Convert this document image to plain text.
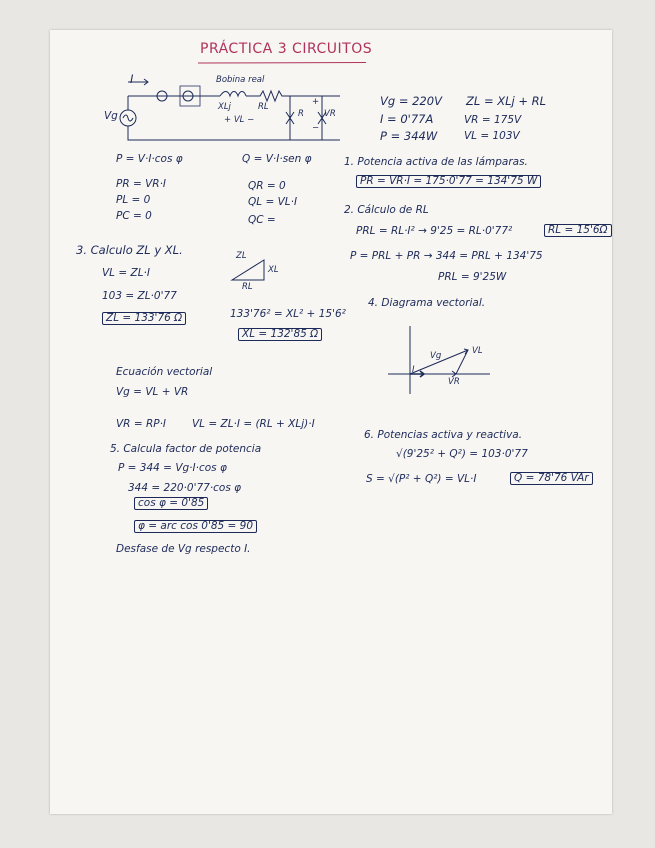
PRÁCTICA 3 CIRCUITOS
I
Vg
Bobina real
XLj	RL
+ VL −
R
+
VR
−
Vg = 220V ZL = XLj + RL
I = 0'77A	VR = 175V
P = 344W	VL = 103V
P = V·I·cos φ	Q = V·I·sen φ
PR = VR·I	QR = 0
PL = 0	QL = VL·I
PC = 0	QC =
1. Potencia activa de las lámparas.
PR = VR·I = 175·0'77 = 134'75 W
2. Cálculo de RL
PRL = RL·I² → 9'25 = RL·0'77²	RL = 15'6Ω
P = PRL + PR → 344 = PRL + 134'75
PRL = 9'25W
3. Calculo ZL y XL.
VL = ZL·I
103 = ZL·0'77
ZL = 133'76 Ω
ZL
XL
RL
133'76² = XL² + 15'6²
XL = 132'85 Ω
4. Diagrama vectorial.
Vg	VL
VR
I
Ecuación vectorial
Vg = VL + VR
VR = RP·I VL = ZL·I = (RL + XLj)·I
5. Calcula factor de potencia
P = 344 = Vg·I·cos φ
344 = 220·0'77·cos φ
cos φ = 0'85
φ = arc cos 0'85 = 90
Desfase de Vg respecto I.
6. Potencias activa y reactiva.
√(9'25² + Q²) = 103·0'77
S = √(P² + Q²) = VL·I	Q = 78'76 VAr
